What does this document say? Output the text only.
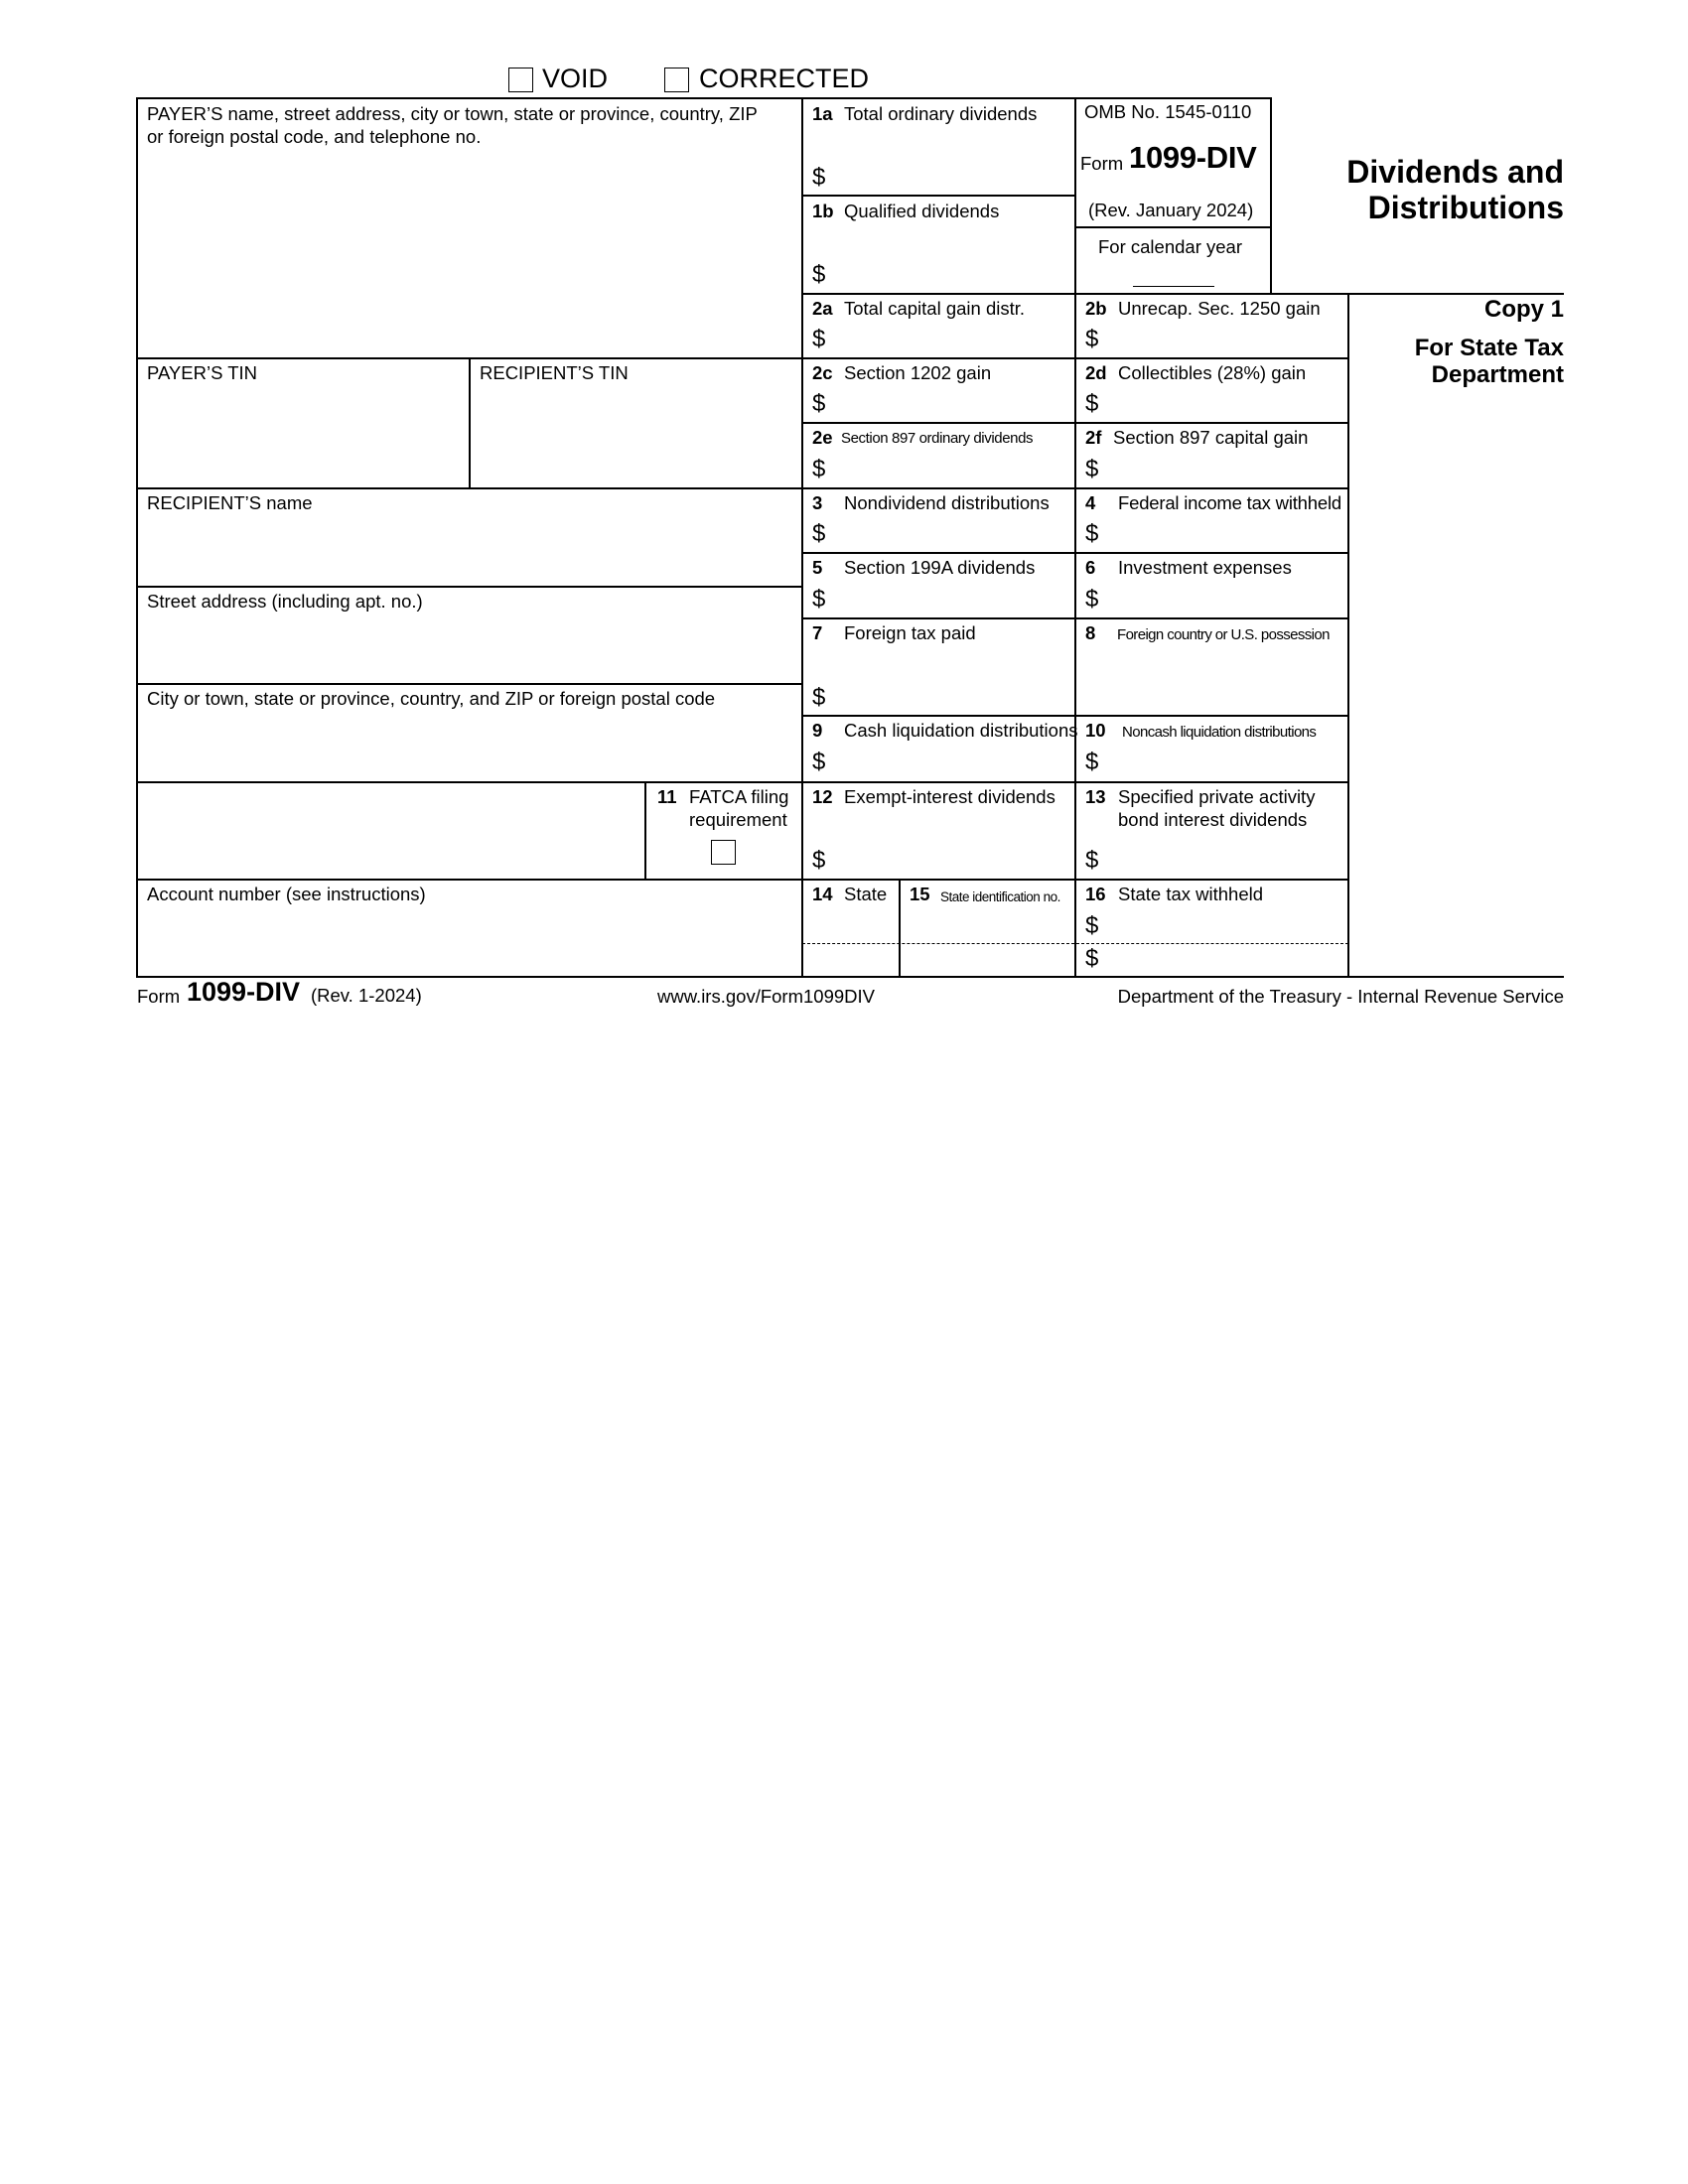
VOID	CORRECTED
PAYER’S name, street address, city or town, state or province, country, ZIP
or foreign postal code, and telephone no.
PAYER’S TIN	RECIPIENT’S TIN
RECIPIENT’S name
Street address (including apt. no.)
City or town, state or province, country, and ZIP or foreign postal code
11 FATCA filing
requirement
Account number (see instructions)
1a Total ordinary dividends
$
1b Qualified dividends
$
2a Total capital gain distr.
$
2c Section 1202 gain
$
2e Section 897 ordinary dividends
$
3 Nondividend distributions
$
5 Section 199A dividends
$
7 Foreign tax paid
$
9 Cash liquidation distributions
$
12 Exempt-interest dividends
$
14 State 15 State identification no.
OMB No. 1545-0110
Form 1099-DIV
(Rev. January 2024)
For calendar year
2b Unrecap. Sec. 1250 gain
$
2d Collectibles (28%) gain
$
2f Section 897 capital gain
$
4 Federal income tax withheld
$
6 Investment expenses
$
8 Foreign country or U.S. possession
10 Noncash liquidation distributions
$
13 Specified private activity
bond interest dividends
$
16 State tax withheld
$
$
Dividends and
Distributions
Copy 1
For State Tax
Department
Form 1099-DIV (Rev. 1-2024)	www.irs.gov/Form1099DIV	Department of the Treasury - Internal Revenue Service
